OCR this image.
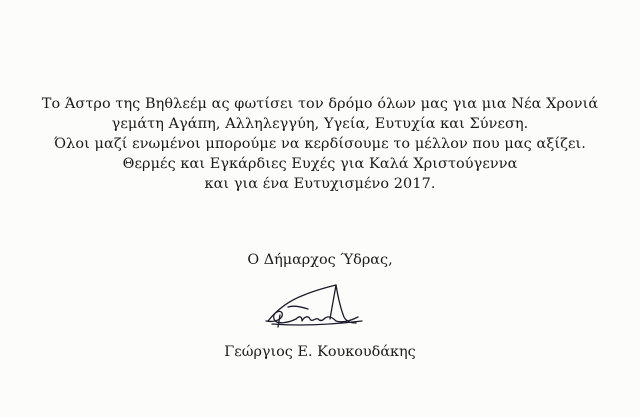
Το Άστρο της Βηθλεέμ ας φωτίσει τον δρόμο όλων μας για μια Νέα Χρονιά
γεμάτη Αγάπη, Αλληλεγγύη, Υγεία, Ευτυχία και Σύνεση.
Όλοι μαζί ενωμένοι μπορούμε να κερδίσουμε το μέλλον που μας αξίζει.
Θερμές και Εγκάρδιες Ευχές για Καλά Χριστούγεννα
και για ένα Ευτυχισμένο 2017.
Ο Δήμαρχος Ύδρας,
Γεώργιος Ε. Κουκουδάκης
